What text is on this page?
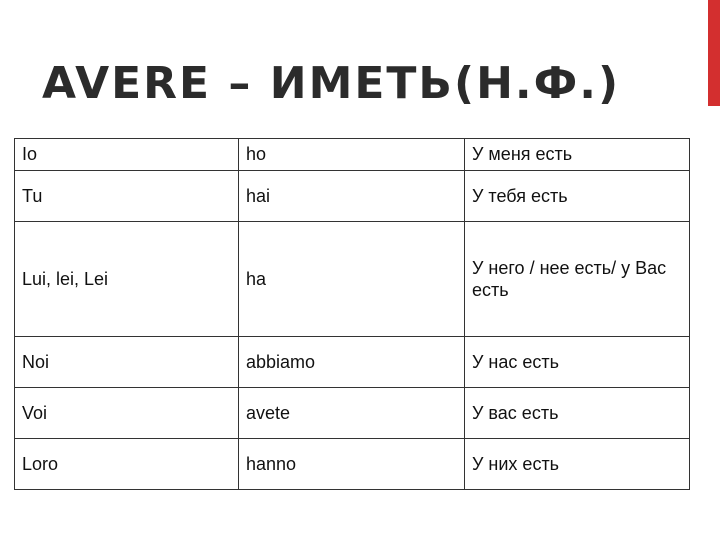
AVERE – ИМЕТЬ(Н.Ф.)
Io	ho	У меня есть
Tu	hai	У тебя есть
Lui, lei, Lei	ha	У него / нее есть/ у Вас есть
Noi	abbiamo	У нас есть
Voi	avete	У вас есть
Loro	hanno	У них есть
